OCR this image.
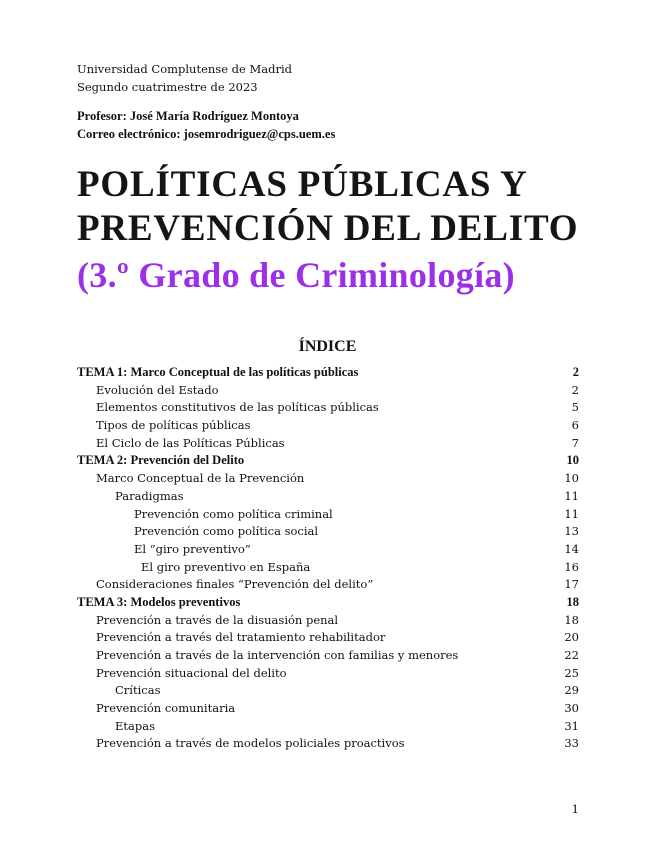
Universidad Complutense de Madrid
Segundo cuatrimestre de 2023
Profesor: José María Rodríguez Montoya
Correo electrónico: josemrodriguez@cps.uem.es
POLÍTICAS PÚBLICAS Y
PREVENCIÓN DEL DELITO
(3.º Grado de Criminología)
ÍNDICE
TEMA 1: Marco Conceptual de las políticas públicas	2
Evolución del Estado	2
Elementos constitutivos de las políticas públicas	5
Tipos de políticas públicas	6
El Ciclo de las Políticas Públicas	7
TEMA 2: Prevención del Delito	10
Marco Conceptual de la Prevención	10
Paradigmas	11
Prevención como política criminal	11
Prevención como política social	13
El “giro preventivo”	14
El giro preventivo en España	16
Consideraciones finales “Prevención del delito”	17
TEMA 3: Modelos preventivos	18
Prevención a través de la disuasión penal	18
Prevención a través del tratamiento rehabilitador	20
Prevención a través de la intervención con familias y menores	22
Prevención situacional del delito	25
Críticas	29
Prevención comunitaria	30
Etapas	31
Prevención a través de modelos policiales proactivos	33
1
